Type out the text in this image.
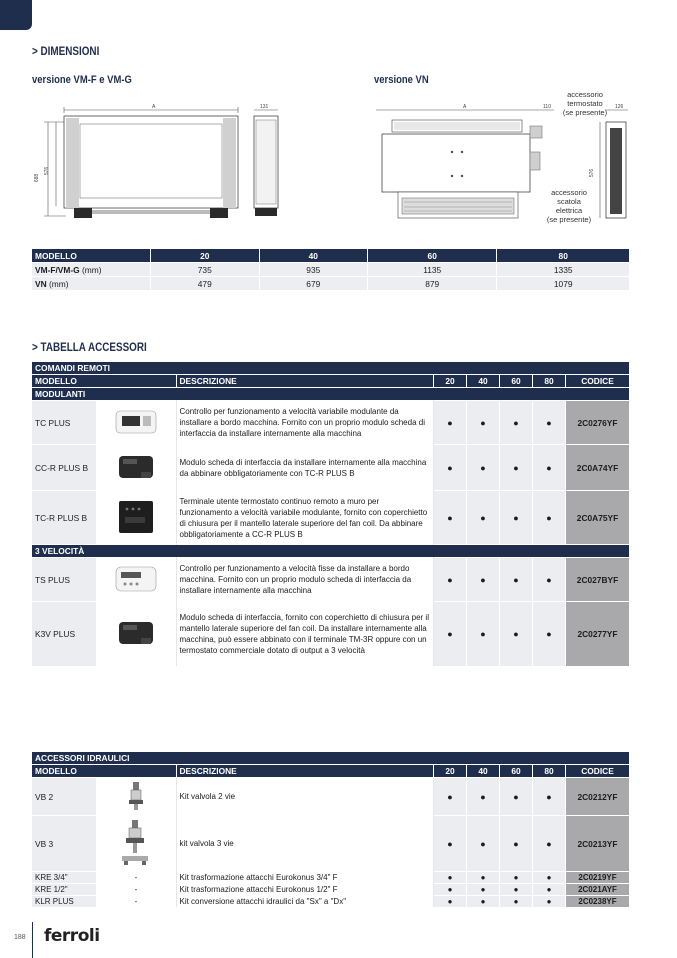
> DIMENSIONI
versione VM-F e VM-G	versione VN
A	131
688
576
A	110	126
576
accessorio
termostato
(se presente)
accessorio
scatola
elettrica
(se presente)
MODELLO	20	40	60	80
VM-F/VM-G (mm)	735	935	1135	1335
VN (mm)	479	679	879	1079
> TABELLA ACCESSORI
COMANDI REMOTI							
MODELLO		DESCRIZIONE	20	40	60	80	CODICE
MODULANTI							
TC PLUS		Controllo per funzionamento a velocità variabile modulante da installare a bordo macchina. Fornito con un proprio modulo scheda di interfaccia da installare internamente alla macchina	●	●	●	●	2C0276YF
CC-R PLUS B		Modulo scheda di interfaccia da installare internamente alla macchina da abbinare obbligatoriamente con TC-R PLUS B	●	●	●	●	2C0A74YF
TC-R PLUS B		Terminale utente termostato continuo remoto a muro per funzionamento a velocità variabile modulante, fornito con coperchietto di chiusura per il mantello laterale superiore del fan coil. Da abbinare obbligatoriamente a CC-R PLUS B	●	●	●	●	2C0A75YF
3 VELOCITÀ							
TS PLUS		Controllo per funzionamento a velocità fisse da installare a bordo macchina. Fornito con un proprio modulo scheda di interfaccia da installare internamente alla macchina	●	●	●	●	2C027BYF
K3V PLUS		Modulo scheda di interfaccia, fornito con coperchietto di chiusura per il mantello laterale superiore del fan coil. Da installare internamente alla macchina, può essere abbinato con il terminale TM-3R oppure con un termostato commerciale dotato di output a 3 velocità	●	●	●	●	2C0277YF
ACCESSORI IDRAULICI							
MODELLO		DESCRIZIONE	20	40	60	80	CODICE
VB 2		Kit valvola 2 vie	●	●	●	●	2C0212YF
VB 3		kit valvola 3 vie	●	●	●	●	2C0213YF
KRE 3/4"	-	Kit trasformazione attacchi Eurokonus 3/4" F	●	●	●	●	2C0219YF
KRE 1/2"	-	Kit trasformazione attacchi Eurokonus 1/2" F	●	●	●	●	2C021AYF
KLR PLUS	-	Kit conversione attacchi idraulici da "Sx" a "Dx"	●	●	●	●	2C0238YF
188 ferroli
